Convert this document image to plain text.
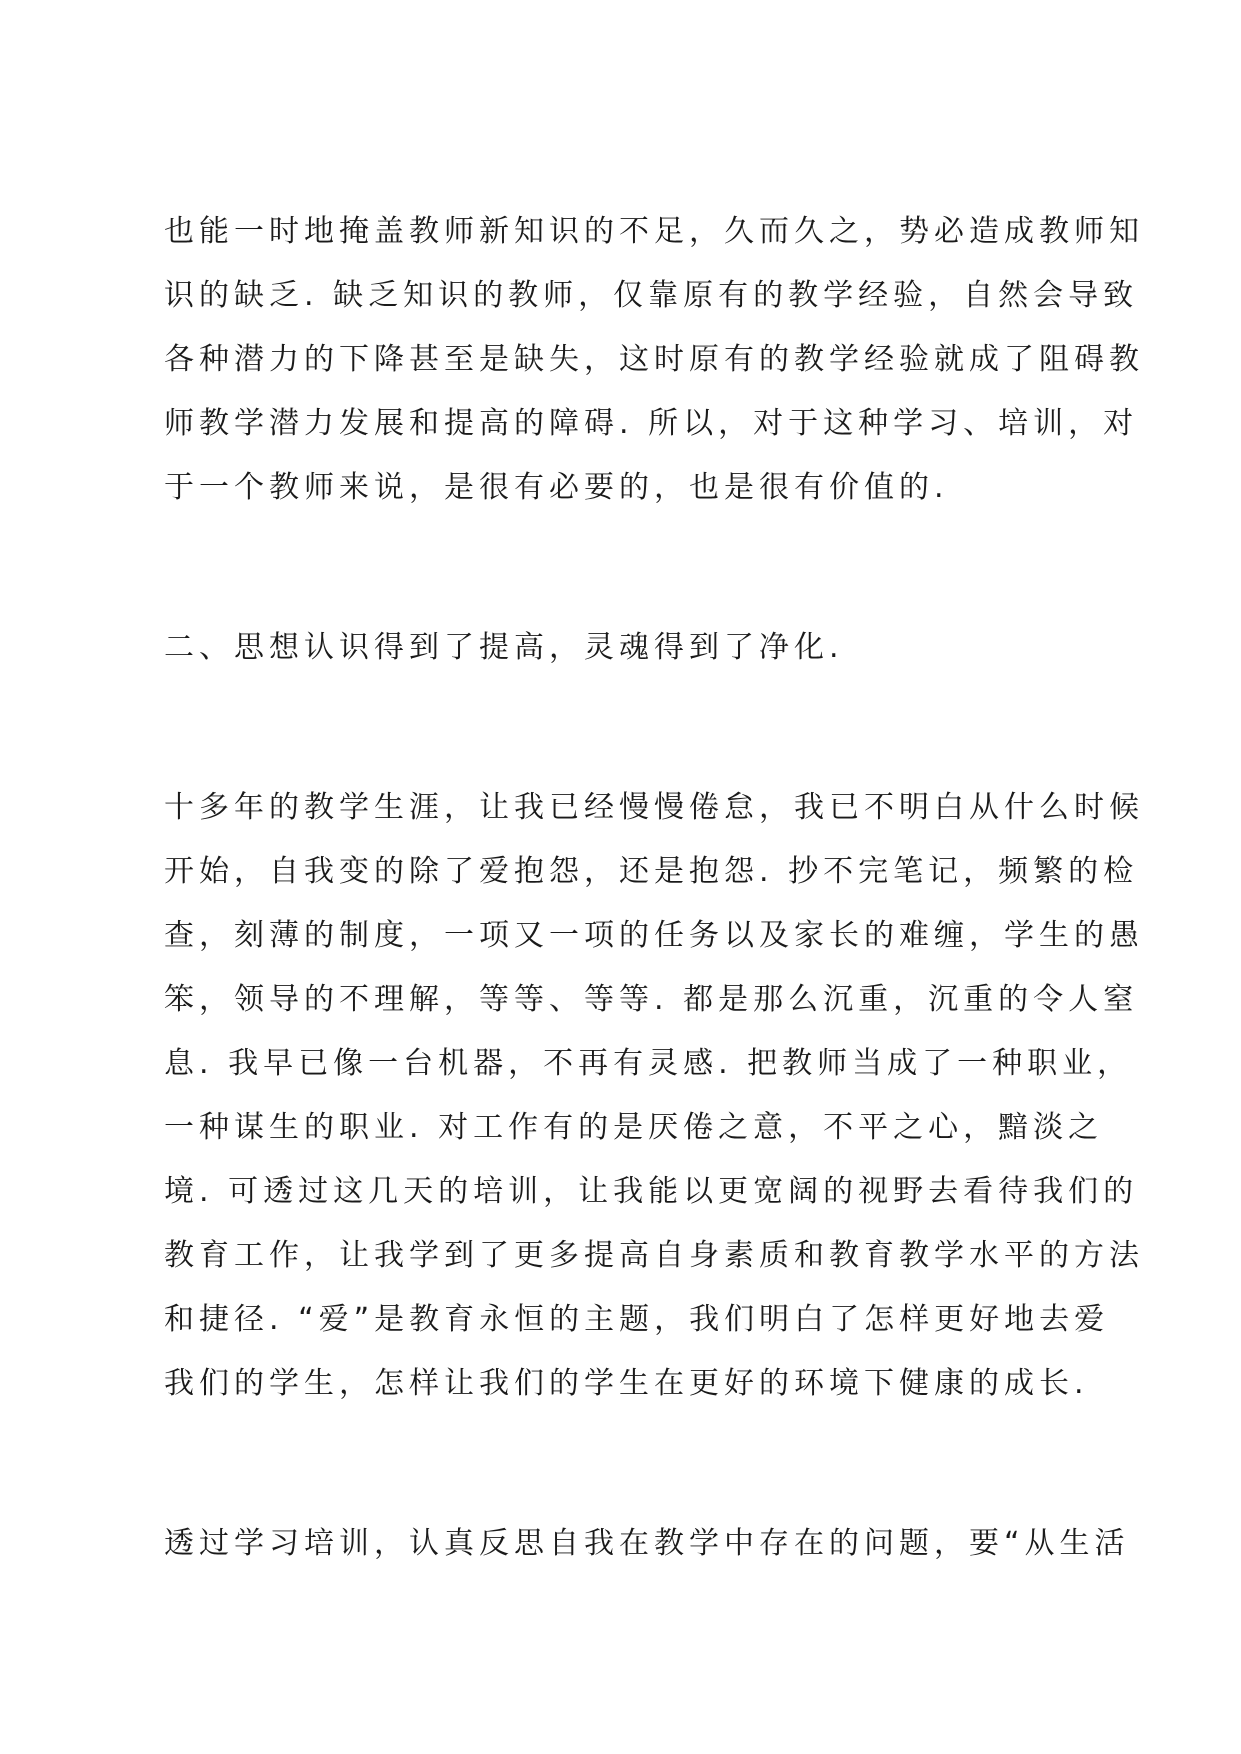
也能一时地掩盖教师新知识的不足，久而久之，势必造成教师知
识的缺乏. 缺乏知识的教师，仅靠原有的教学经验，自然会导致
各种潜力的下降甚至是缺失，这时原有的教学经验就成了阻碍教
师教学潜力发展和提高的障碍. 所以，对于这种学习、培训，对
于一个教师来说，是很有必要的，也是很有价值的.
二、思想认识得到了提高，灵魂得到了净化.
十多年的教学生涯，让我已经慢慢倦怠，我已不明白从什么时候
开始，自我变的除了爱抱怨，还是抱怨. 抄不完笔记，频繁的检
查，刻薄的制度，一项又一项的任务以及家长的难缠，学生的愚
笨，领导的不理解，等等、等等. 都是那么沉重，沉重的令人窒
息. 我早已像一台机器，不再有灵感. 把教师当成了一种职业，
一种谋生的职业. 对工作有的是厌倦之意，不平之心，黯淡之
境. 可透过这几天的培训，让我能以更宽阔的视野去看待我们的
教育工作，让我学到了更多提高自身素质和教育教学水平的方法
和捷径. “爱”是教育永恒的主题，我们明白了怎样更好地去爱
我们的学生，怎样让我们的学生在更好的环境下健康的成长.
透过学习培训，认真反思自我在教学中存在的问题，要“从生活
